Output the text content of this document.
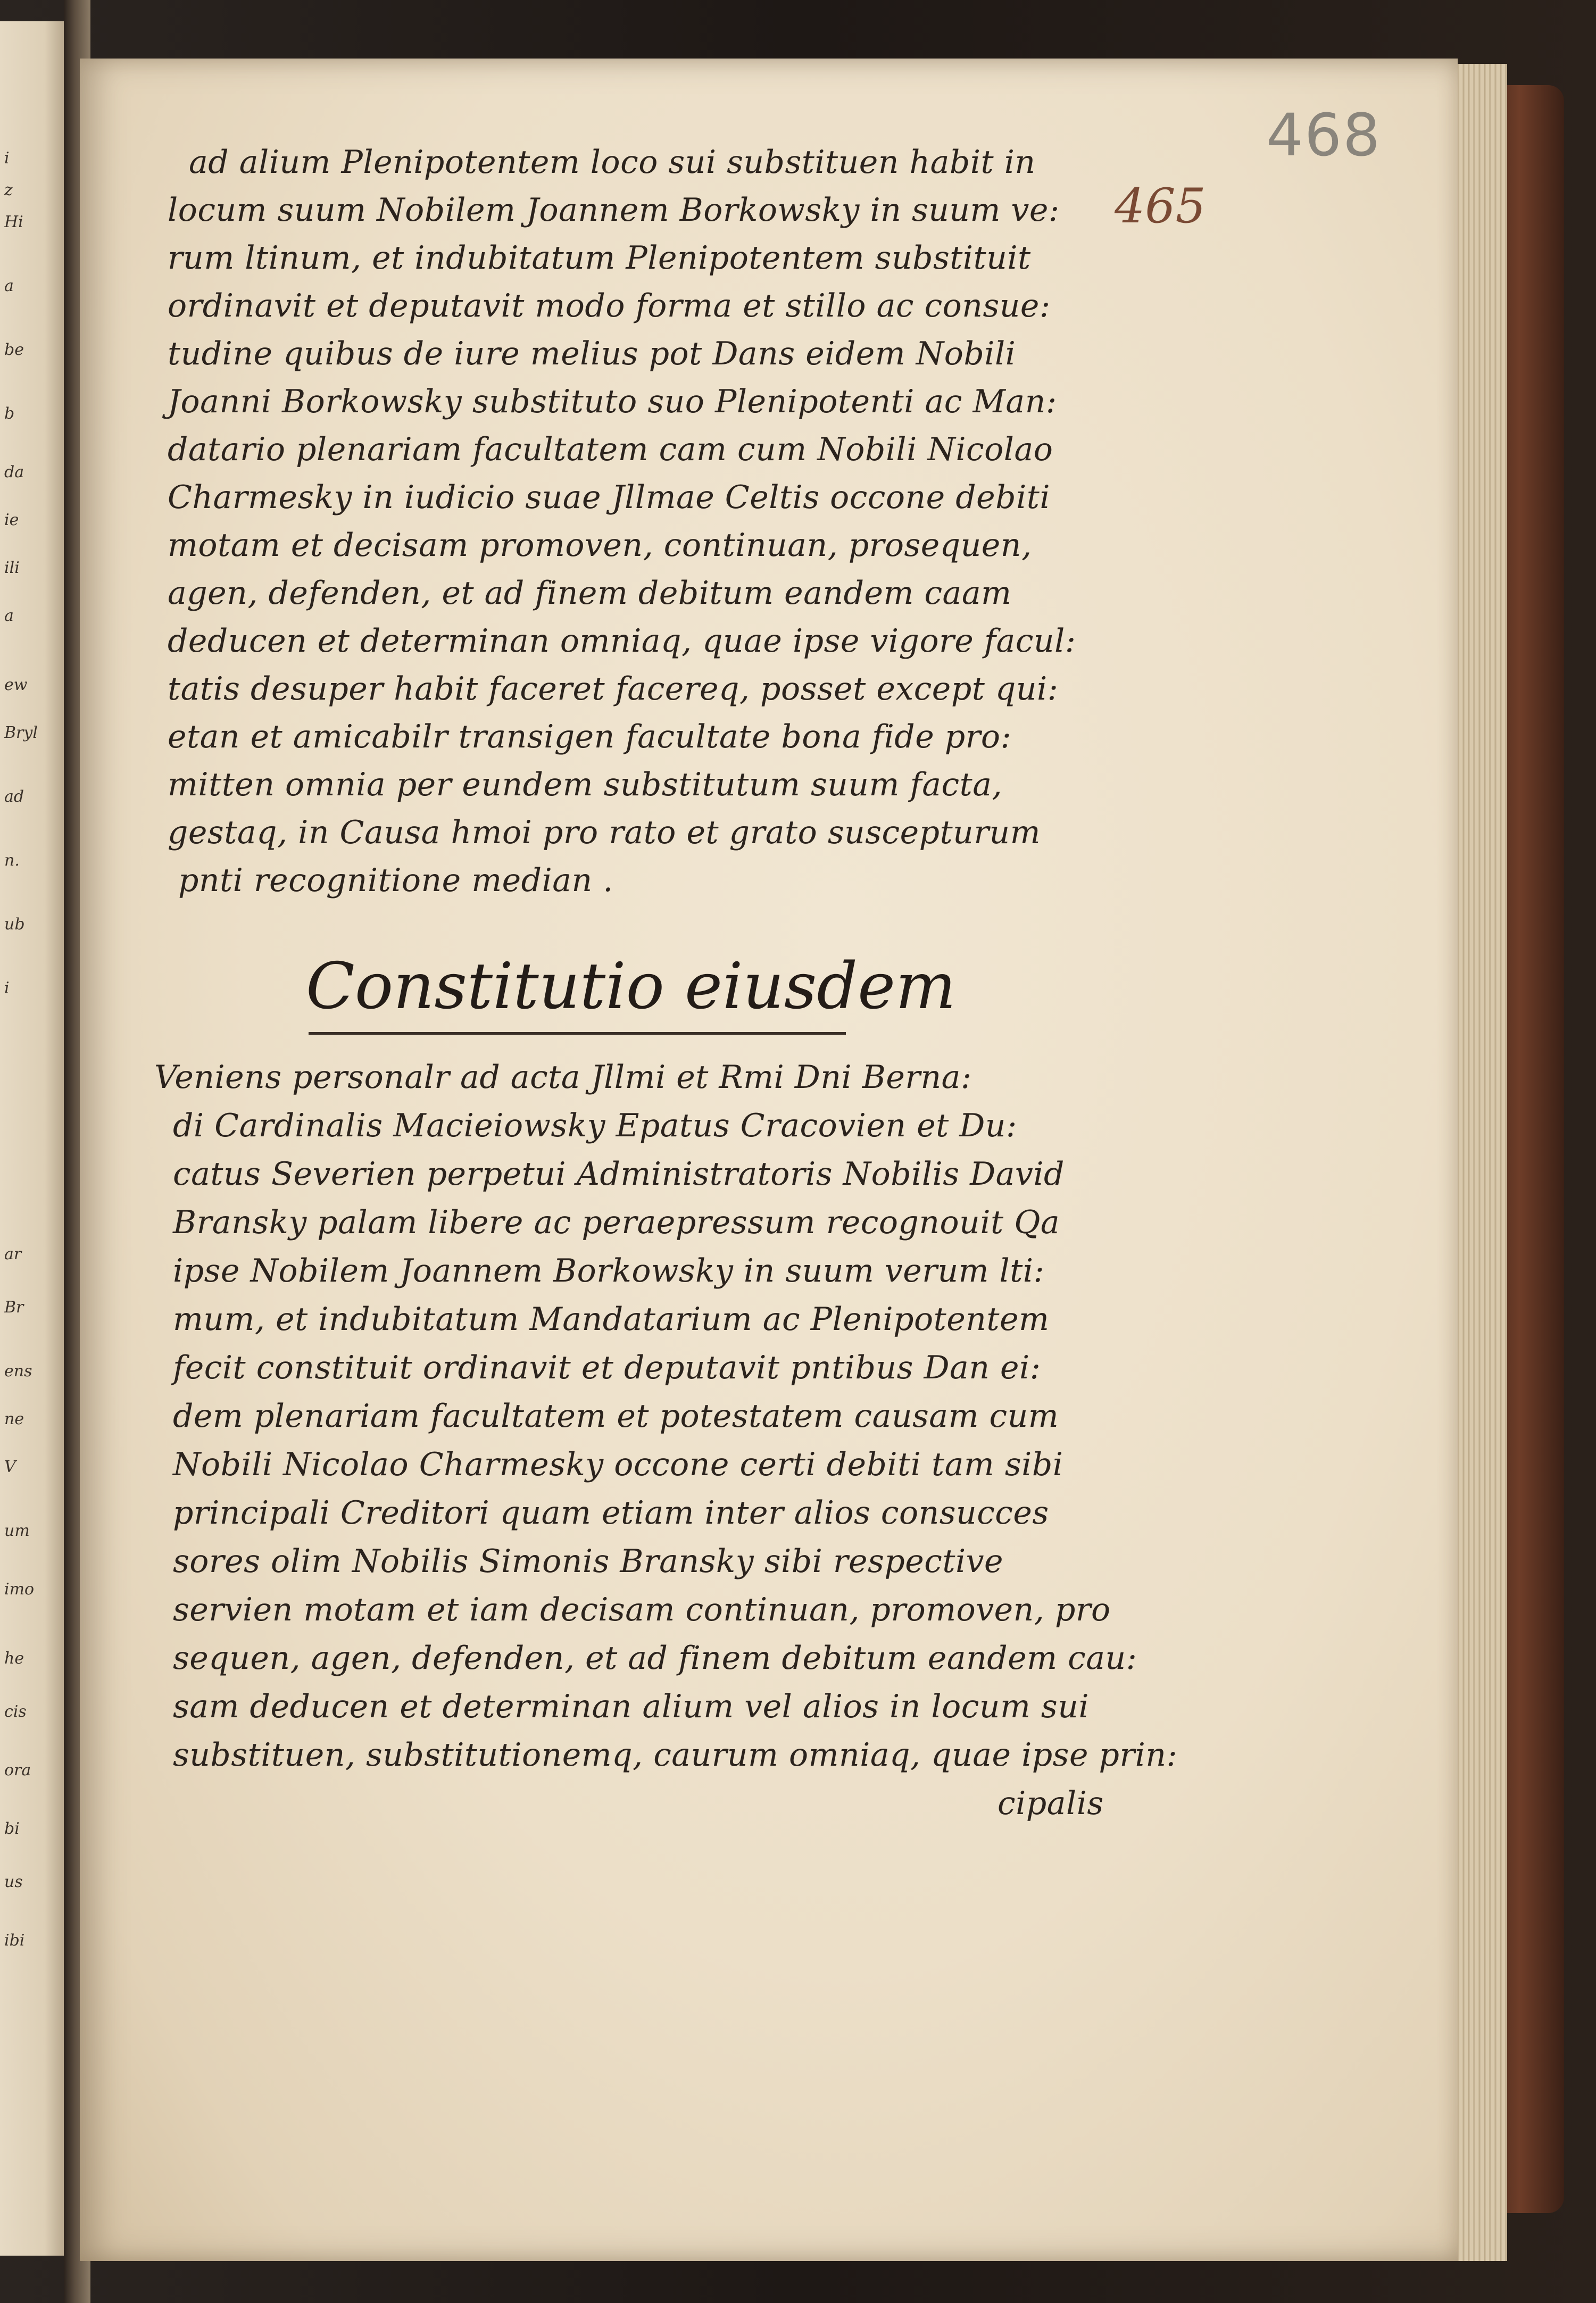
i
z
Hi
a
be
b
da
ie
ili
a
ew
Bryl
ad
n.
ub
i
ar
Br
ens
ne
V
um
imo
he
cis
ora
bi
us
ibi
468
465
ad alium Plenipotentem loco sui substituen habit in
locum suum Nobilem Joannem Borkowsky in suum ve:
rum ltinum, et indubitatum Plenipotentem substituit
ordinavit et deputavit modo forma et stillo ac consue:
tudine quibus de iure melius pot Dans eidem Nobili
Joanni Borkowsky substituto suo Plenipotenti ac Man:
datario plenariam facultatem cam cum Nobili Nicolao
Charmesky in iudicio suae Jllmae Celtis occone debiti
motam et decisam promoven, continuan, prosequen,
agen, defenden, et ad finem debitum eandem caam
deducen et determinan omniaq, quae ipse vigore facul:
tatis desuper habit faceret facereq, posset except qui:
etan et amicabilr transigen facultate bona fide pro:
mitten omnia per eundem substitutum suum facta,
gestaq, in Causa hmoi pro rato et grato suscepturum
pnti recognitione median .
Veniens personalr ad acta Jllmi et Rmi Dni Berna:
di Cardinalis Macieiowsky Epatus Cracovien et Du:
catus Severien perpetui Administratoris Nobilis David
Bransky palam libere ac peraepressum recognouit Qa
ipse Nobilem Joannem Borkowsky in suum verum lti:
mum, et indubitatum Mandatarium ac Plenipotentem
fecit constituit ordinavit et deputavit pntibus Dan ei:
dem plenariam facultatem et potestatem causam cum
Nobili Nicolao Charmesky occone certi debiti tam sibi
principali Creditori quam etiam inter alios consucces
sores olim Nobilis Simonis Bransky sibi respective
servien motam et iam decisam continuan, promoven, pro
sequen, agen, defenden, et ad finem debitum eandem cau:
sam deducen et determinan alium vel alios in locum sui
substituen, substitutionemq, caurum omniaq, quae ipse prin:
cipalis
Constitutio eiusdem
